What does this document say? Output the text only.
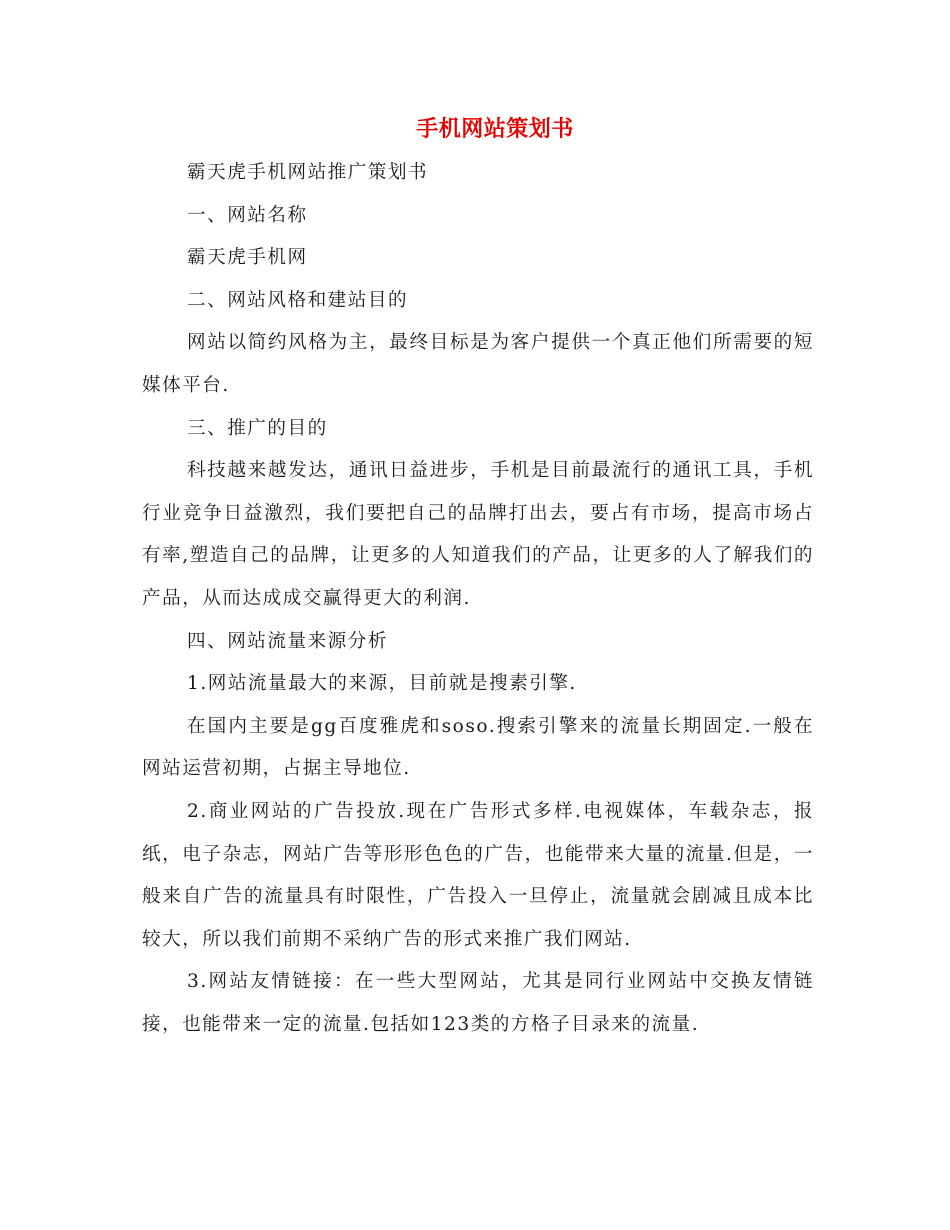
手机网站策划书

霸天虎手机网站推广策划书

一、网站名称

霸天虎手机网

二、网站风格和建站目的

网站以简约风格为主，最终目标是为客户提供一个真正他们所需要的短媒体平台.

三、推广的目的

科技越来越发达，通讯日益进步，手机是目前最流行的通讯工具，手机行业竞争日益激烈，我们要把自己的品牌打出去，要占有市场，提高市场占有率,塑造自己的品牌，让更多的人知道我们的产品，让更多的人了解我们的产品，从而达成成交赢得更大的利润.

四、网站流量来源分析

1.网站流量最大的来源，目前就是搜素引擎.

在国内主要是gg百度雅虎和soso.搜索引擎来的流量长期固定.一般在网站运营初期，占据主导地位.

2.商业网站的广告投放.现在广告形式多样.电视媒体，车载杂志，报纸，电子杂志，网站广告等形形色色的广告，也能带来大量的流量.但是，一般来自广告的流量具有时限性，广告投入一旦停止，流量就会剧减且成本比较大，所以我们前期不采纳广告的形式来推广我们网站.

3.网站友情链接：在一些大型网站，尤其是同行业网站中交换友情链接，也能带来一定的流量.包括如123类的方格子目录来的流量.
